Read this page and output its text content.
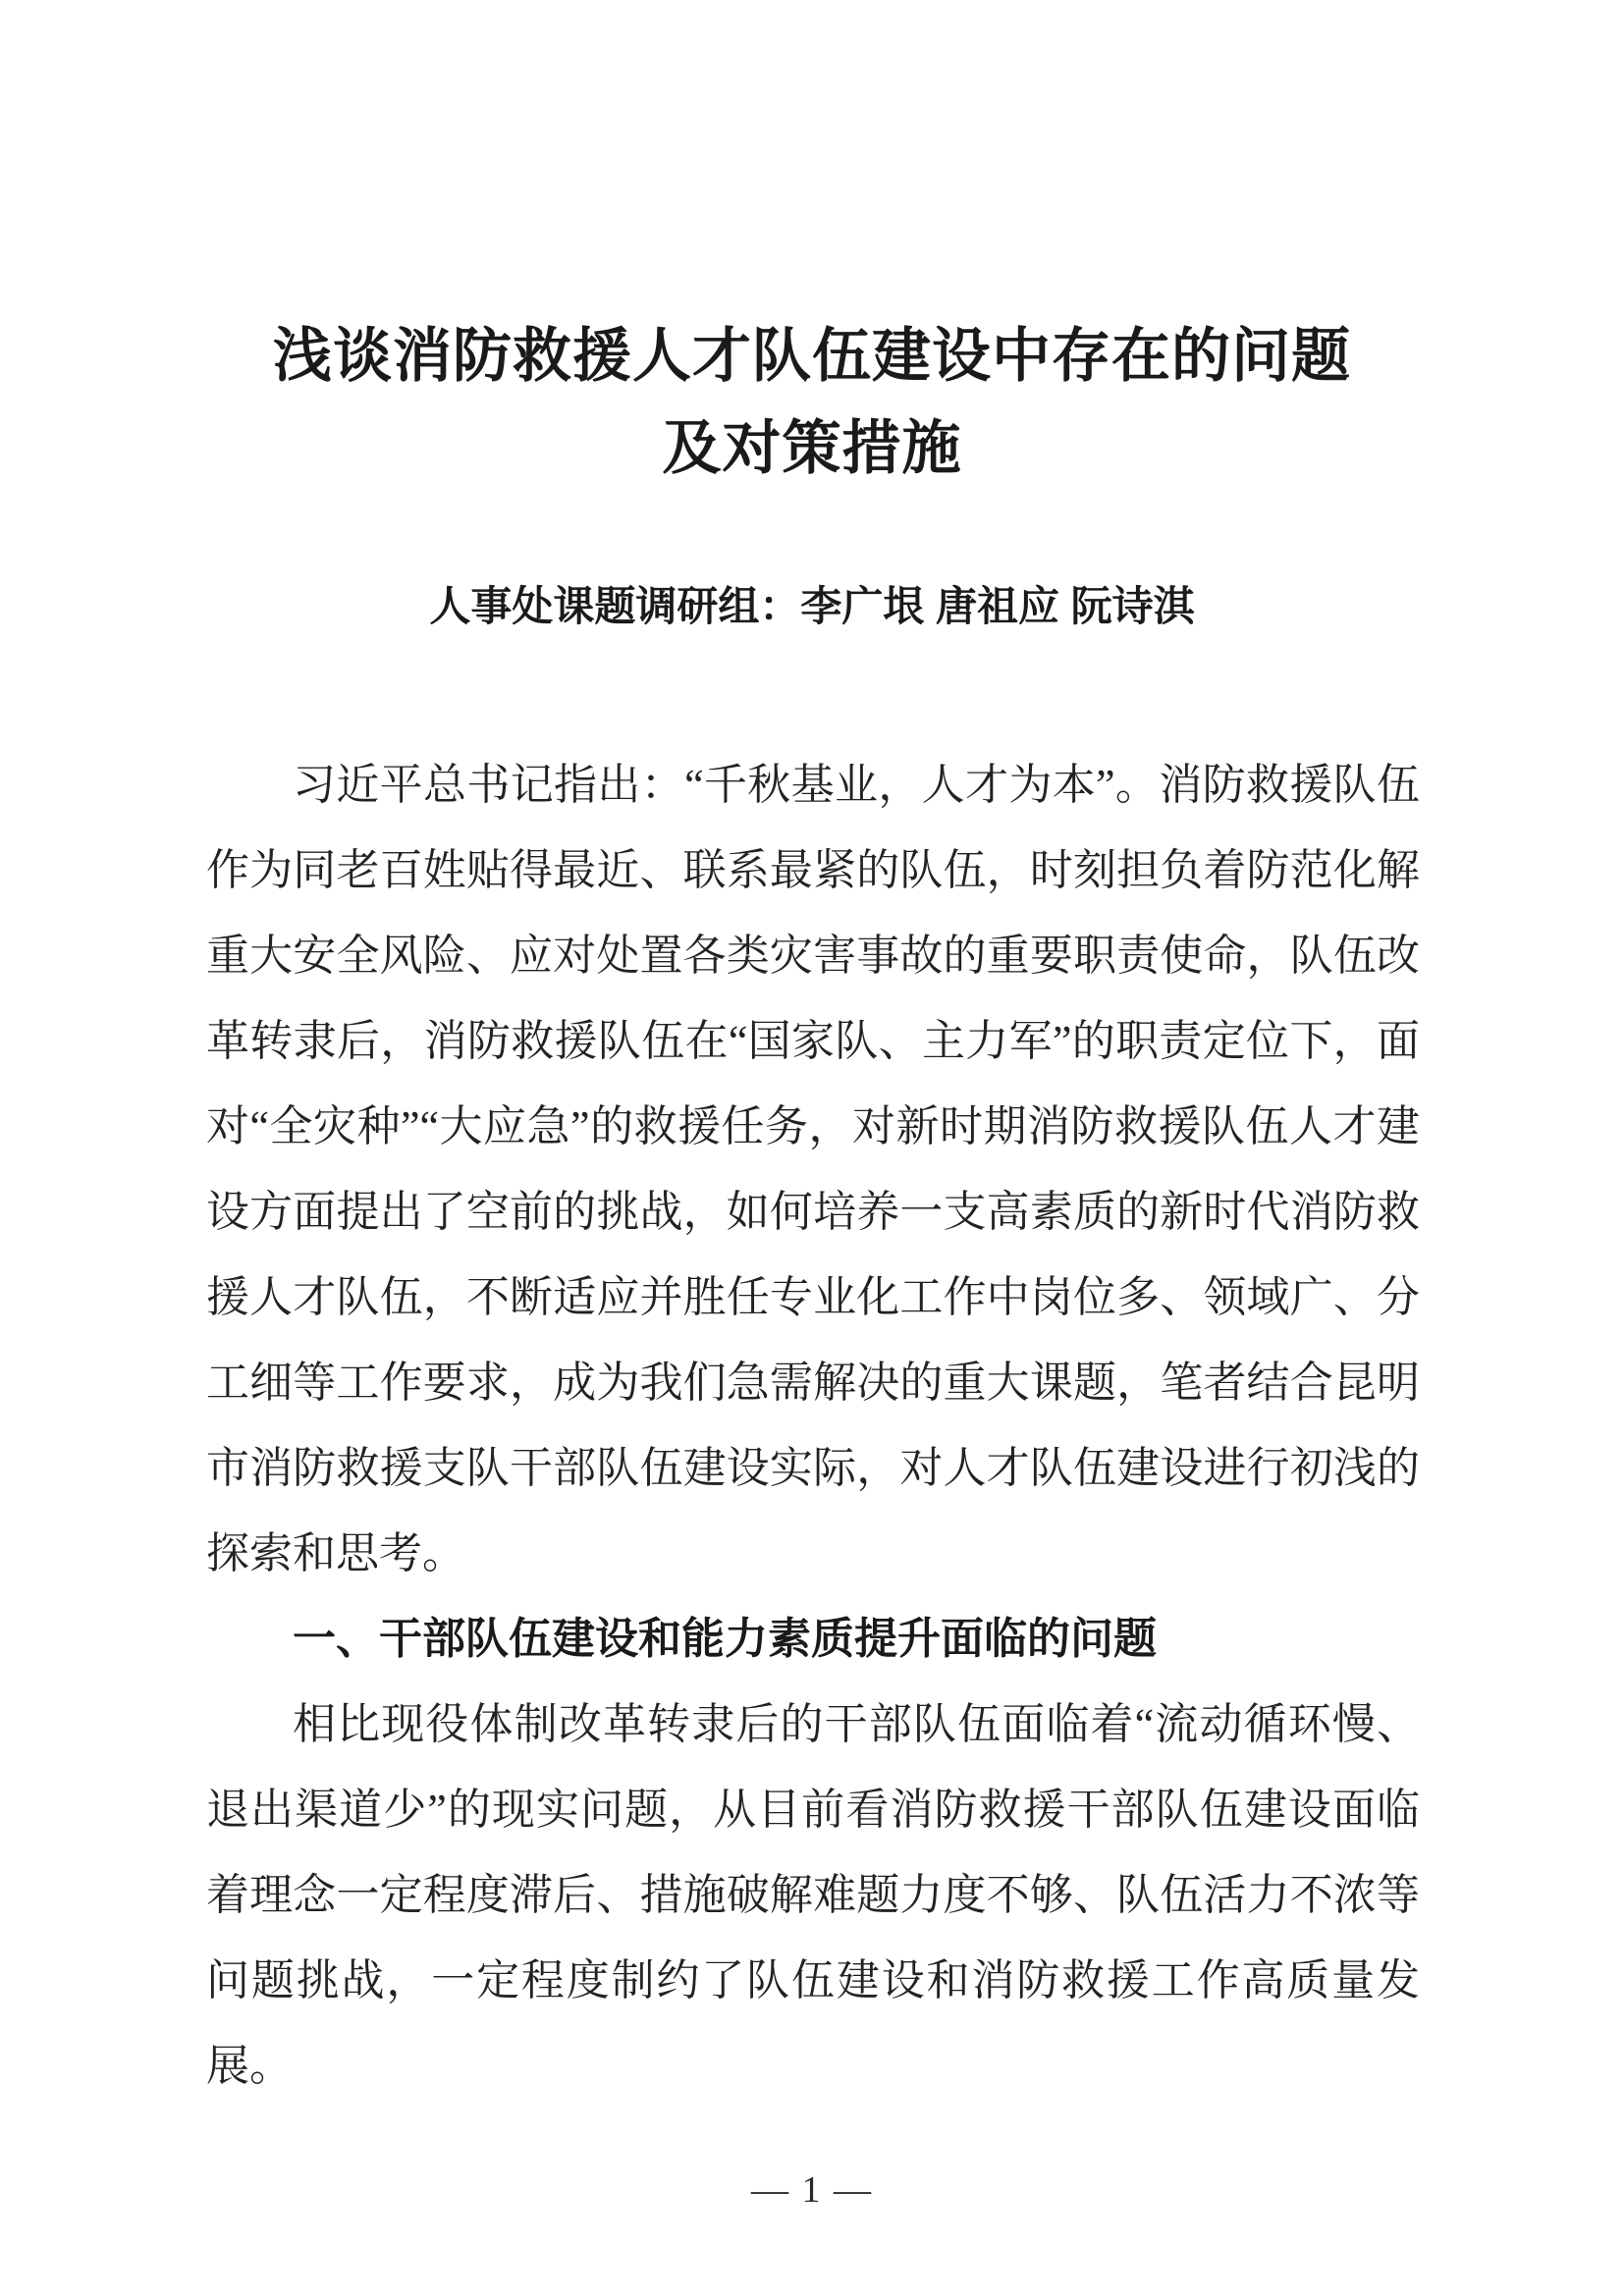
浅谈消防救援人才队伍建设中存在的问题
及对策措施
人事处课题调研组：李广垠 唐祖应 阮诗淇

习近平总书记指出：“千秋基业，人才为本”。消防救援队伍作为同老百姓贴得最近、联系最紧的队伍，时刻担负着防范化解重大安全风险、应对处置各类灾害事故的重要职责使命，队伍改革转隶后，消防救援队伍在“国家队、主力军”的职责定位下，面对“全灾种”“大应急”的救援任务，对新时期消防救援队伍人才建设方面提出了空前的挑战，如何培养一支高素质的新时代消防救援人才队伍，不断适应并胜任专业化工作中岗位多、领域广、分工细等工作要求，成为我们急需解决的重大课题，笔者结合昆明市消防救援支队干部队伍建设实际，对人才队伍建设进行初浅的探索和思考。

一、干部队伍建设和能力素质提升面临的问题

相比现役体制改革转隶后的干部队伍面临着“流动循环慢、退出渠道少”的现实问题，从目前看消防救援干部队伍建设面临着理念一定程度滞后、措施破解难题力度不够、队伍活力不浓等问题挑战，一定程度制约了队伍建设和消防救援工作高质量发展。

— 1 —
